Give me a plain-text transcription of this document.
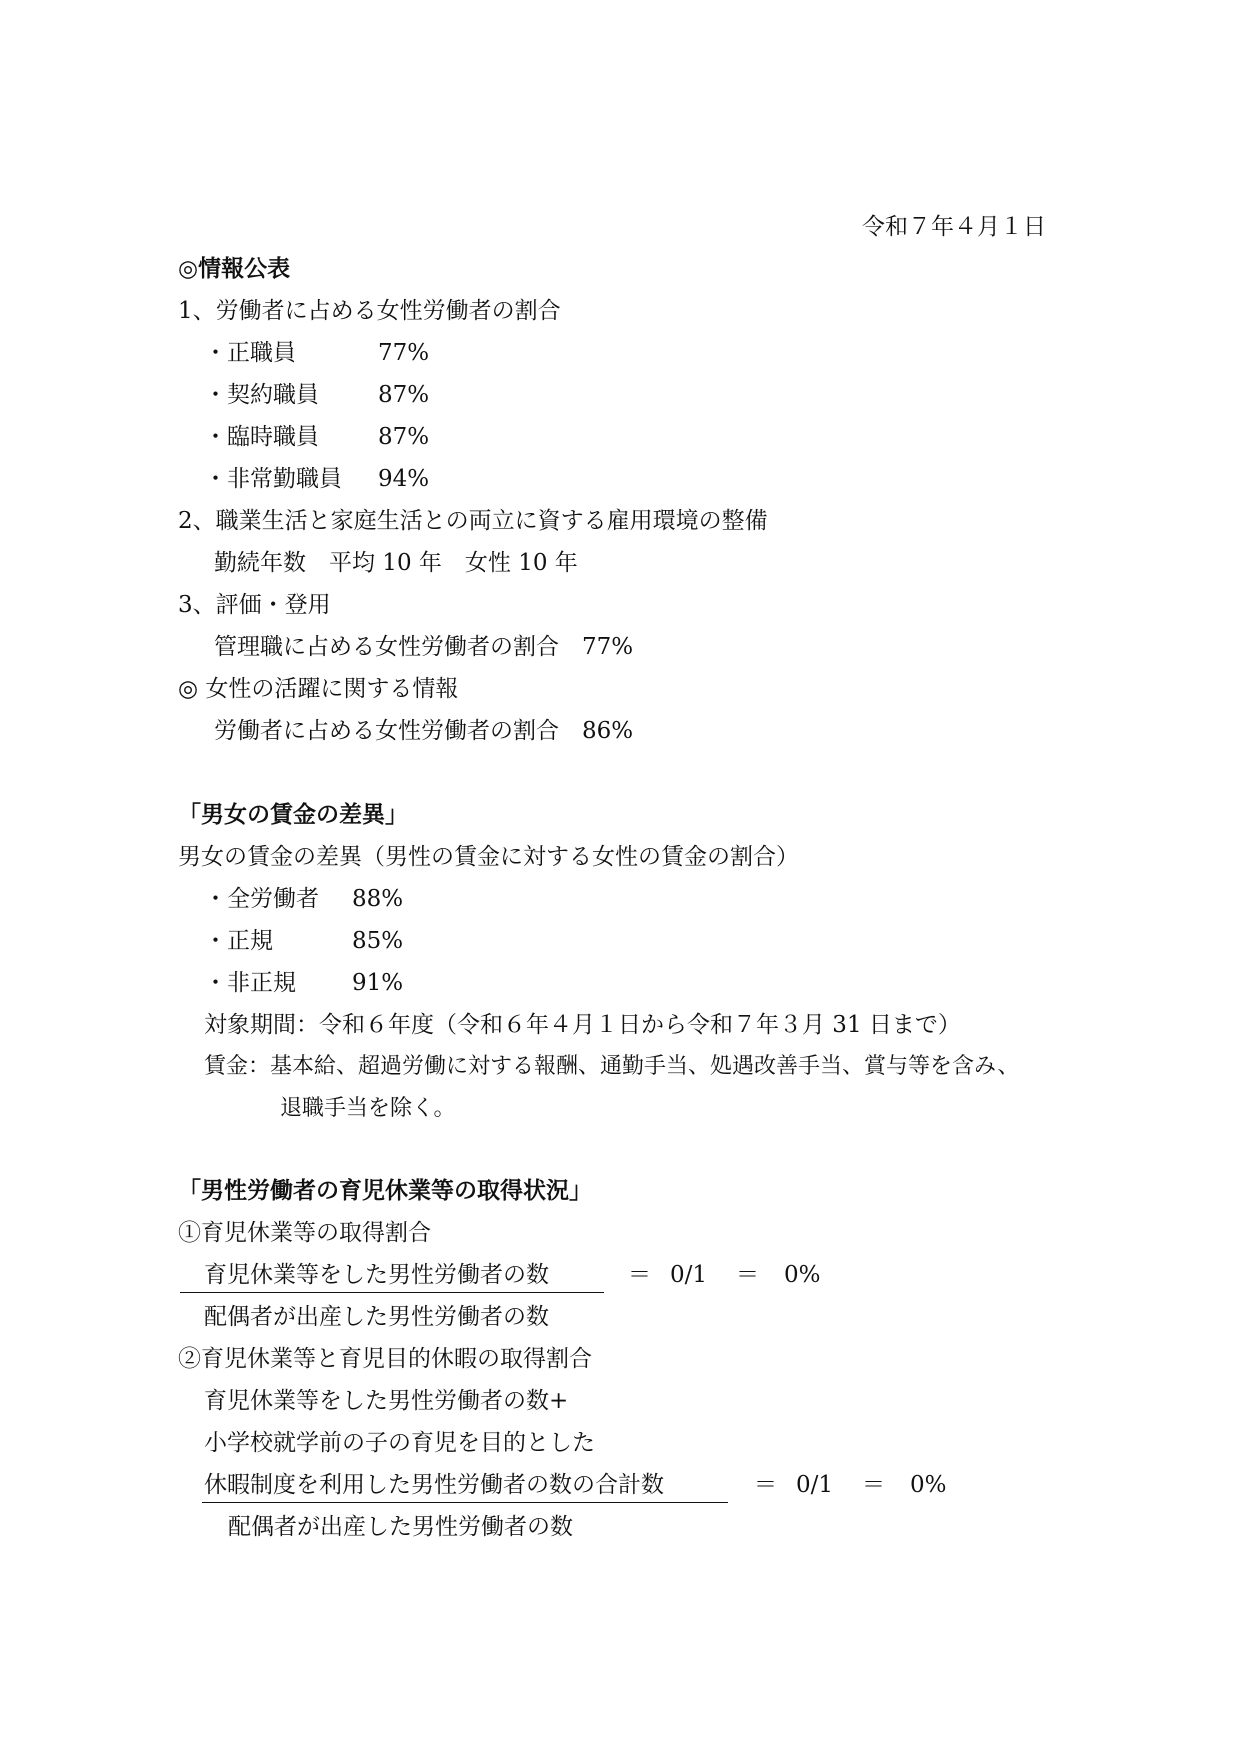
令和７年４月１日
◎情報公表
1、労働者に占める女性労働者の割合
・正職員	77%
・契約職員	87%
・臨時職員	87%
・非常勤職員 94%
2、職業生活と家庭生活との両立に資する雇用環境の整備
勤続年数　平均 10 年　女性 10 年
3、評価・登用
管理職に占める女性労働者の割合　77%
◎ 女性の活躍に関する情報
労働者に占める女性労働者の割合　86%
「男女の賃金の差異」
男女の賃金の差異（男性の賃金に対する女性の賃金の割合）
・全労働者 88%
・正規	85%
・非正規 91%
対象期間：令和６年度（令和６年４月１日から令和７年３月 31 日まで）
賃金：基本給、超過労働に対する報酬、通勤手当、処遇改善手当、賞与等を含み、
退職手当を除く。
「男性労働者の育児休業等の取得状況」
①育児休業等の取得割合
育児休業等をした男性労働者の数	＝ 0/1 ＝ 0%
配偶者が出産した男性労働者の数
②育児休業等と育児目的休暇の取得割合
育児休業等をした男性労働者の数+
小学校就学前の子の育児を目的とした
休暇制度を利用した男性労働者の数の合計数	＝ 0/1 ＝ 0%
配偶者が出産した男性労働者の数
